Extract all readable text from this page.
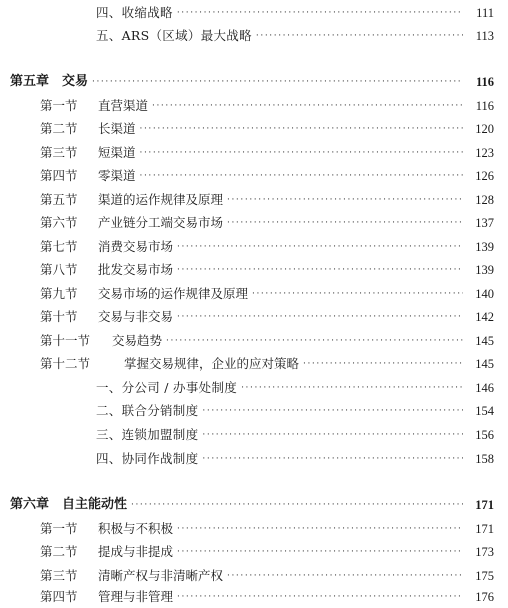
四、收缩战略 ·····	111
五、ARS（区域）最大战略 ·····	113
第五章　交易 ·····	116
第一节 直营渠道 ·····	116
第二节 长渠道 ·····	120
第三节 短渠道 ·····	123
第四节 零渠道 ·····	126
第五节 渠道的运作规律及原理 ·····	128
第六节 产业链分工端交易市场 ·····	137
第七节 消费交易市场 ·····	139
第八节 批发交易市场 ·····	139
第九节 交易市场的运作规律及原理 ·····	140
第十节 交易与非交易 ·····	142
第十一节 交易趋势 ·····	145
第十二节	掌握交易规律，企业的应对策略 ·····	145
一、分公司 / 办事处制度 ·····	146
二、联合分销制度 ·····	154
三、连锁加盟制度 ·····	156
四、协同作战制度 ·····	158
第六章　自主能动性 ·····	171
第一节 积极与不积极 ·····	171
第二节 提成与非提成 ·····	173
第三节 清晰产权与非清晰产权 ·····	175
第四节 管理与非管理 ·····	176
